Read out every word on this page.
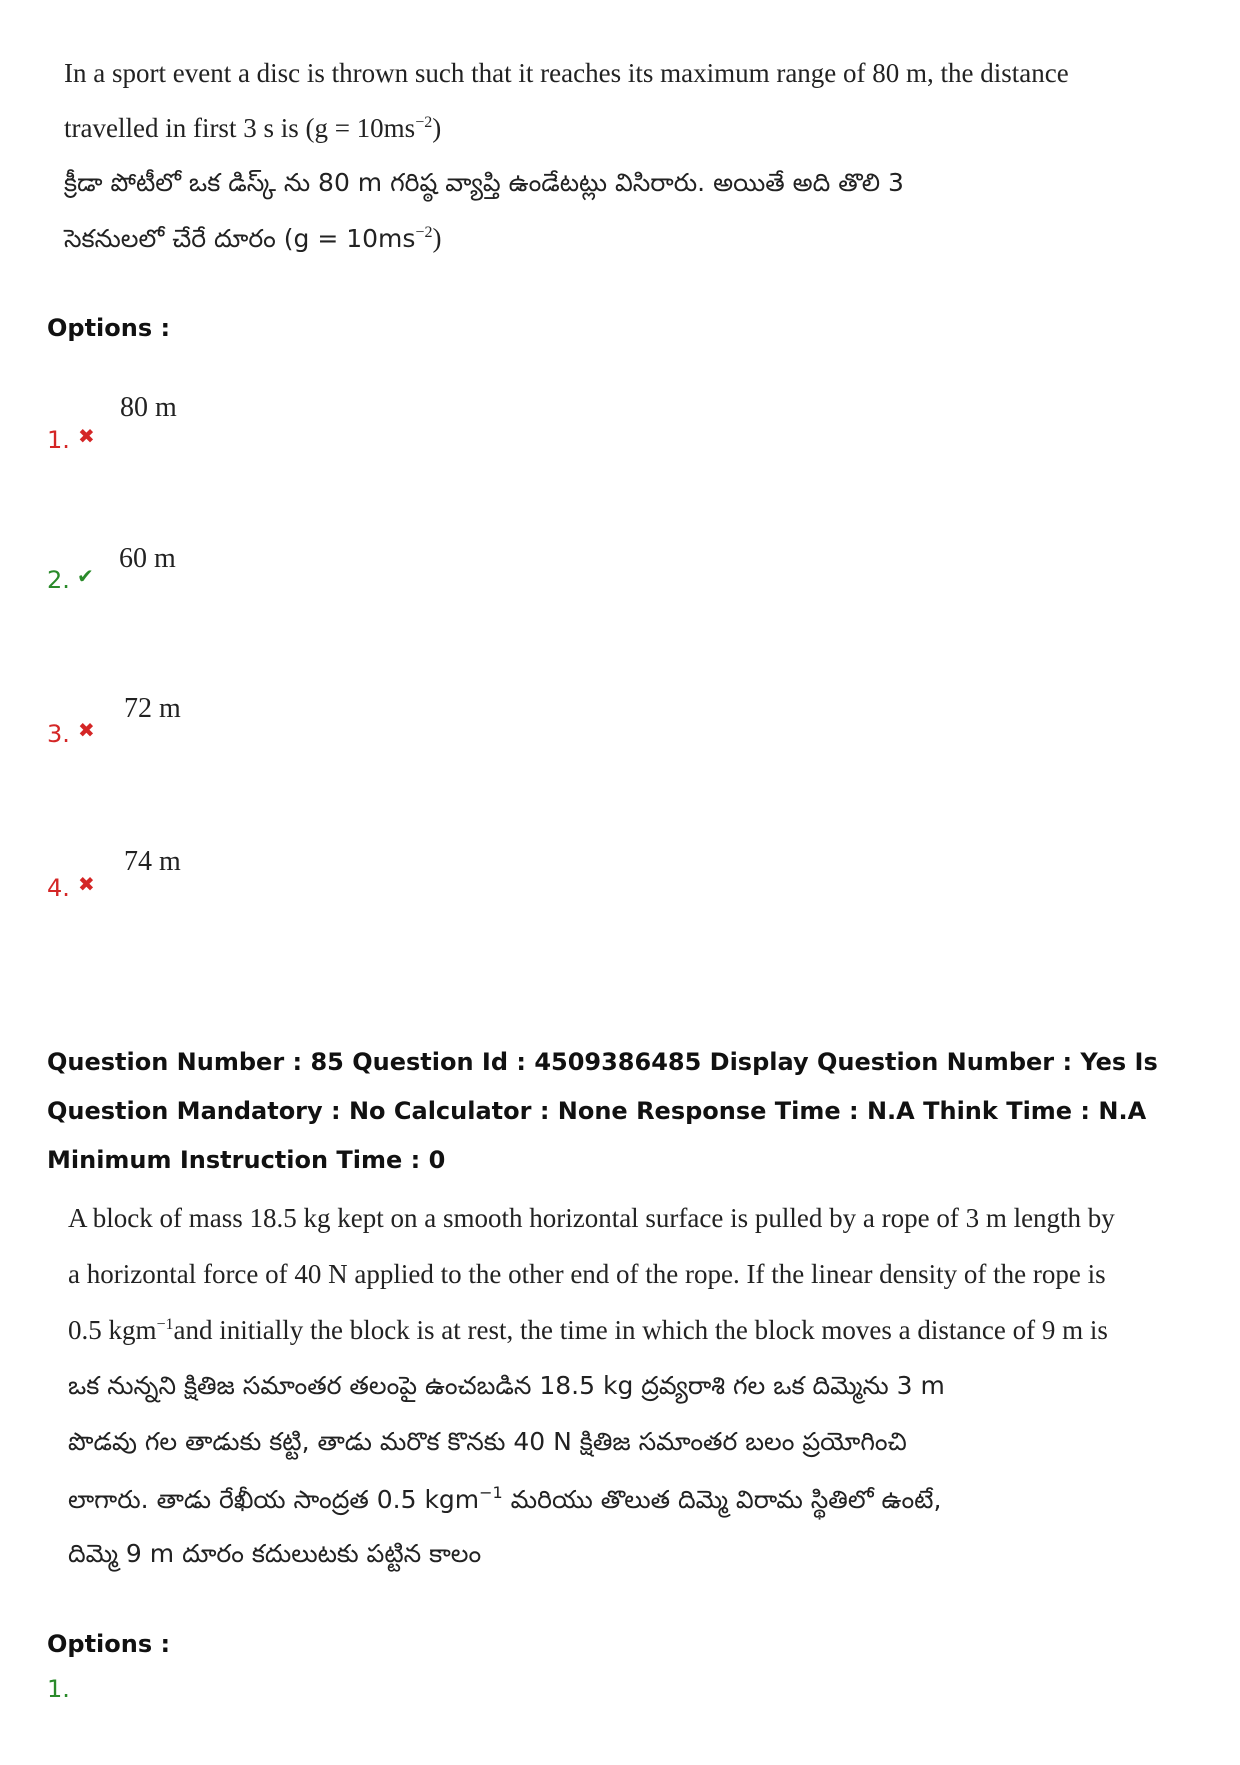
In a sport event a disc is thrown such that it reaches its maximum range of 80 m, the distance
travelled in first 3 s is $(g = 10ms^{-2})$
క్రీడా పోటీలో ఒక డిస్క్ ను 80 m గరిష్ఠ వ్యాప్తి ఉండేటట్లు విసిరారు. అయితే అది తొలి 3
సెకనులలో చేరే దూరం $(g = 10ms^{-2})$
Options :
80 m
1. ✖
60 m
2. ✔
72 m
3. ✖
74 m
4. ✖
Question Number : 85 Question Id : 4509386485 Display Question Number : Yes Is Question Mandatory : No Calculator : None Response Time : N.A Think Time : N.A Minimum Instruction Time : 0
A block of mass 18.5 kg kept on a smooth horizontal surface is pulled by a rope of 3 m length by
a horizontal force of 40 N applied to the other end of the rope. If the linear density of the rope is
0.5 kgm$^{-1}$and initially the block is at rest, the time in which the block moves a distance of 9 m is
ఒక నున్నని క్షితిజ సమాంతర తలంపై ఉంచబడిన 18.5 kg ద్రవ్యరాశి గల ఒక దిమ్మెను 3 m
పొడవు గల తాడుకు కట్టి, తాడు మరొక కొనకు 40 N క్షితిజ సమాంతర బలం ప్రయోగించి
లాగారు. తాడు రేఖీయ సాంద్రత 0.5 kgm$^{-1}$ మరియు తొలుత దిమ్మె విరామ స్థితిలో ఉంటే,
దిమ్మె 9 m దూరం కదులుటకు పట్టిన కాలం
Options :
1.
